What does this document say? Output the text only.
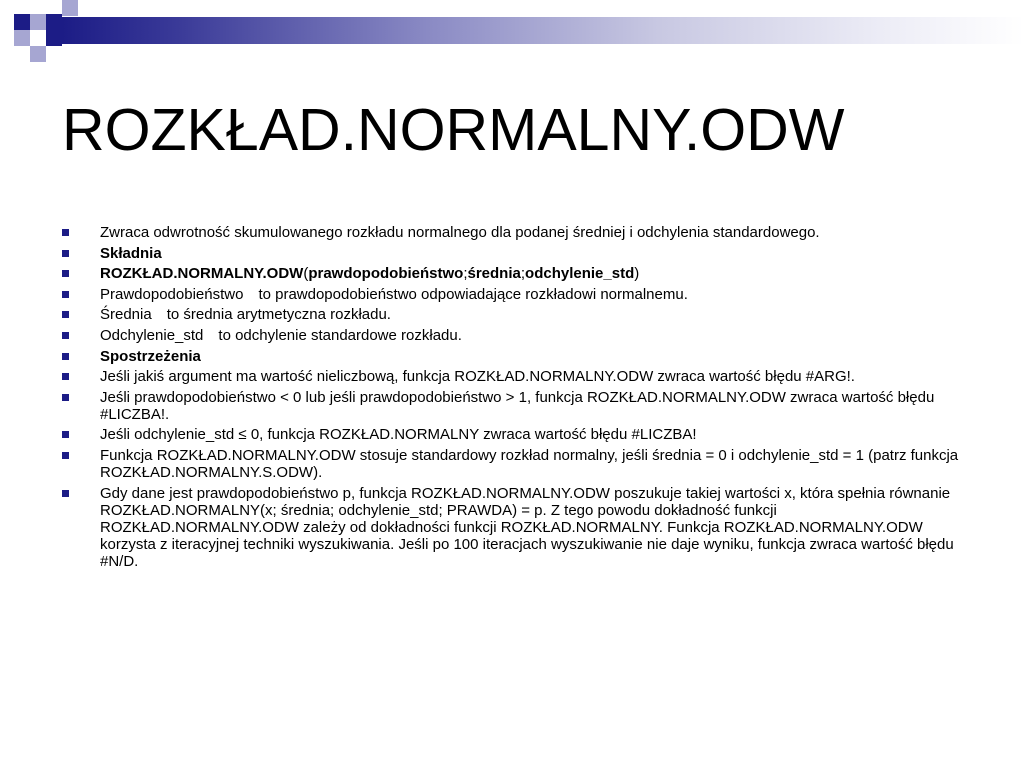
ROZKŁAD.NORMALNY.ODW
Zwraca odwrotność skumulowanego rozkładu normalnego dla podanej średniej i odchylenia standardowego.
Składnia
ROZKŁAD.NORMALNY.ODW(prawdopodobieństwo;średnia;odchylenie_std)
Prawdopodobieństwo to prawdopodobieństwo odpowiadające rozkładowi normalnemu.
Średnia to średnia arytmetyczna rozkładu.
Odchylenie_std to odchylenie standardowe rozkładu.
Spostrzeżenia
Jeśli jakiś argument ma wartość nieliczbową, funkcja ROZKŁAD.NORMALNY.ODW zwraca wartość błędu #ARG!.
Jeśli prawdopodobieństwo < 0 lub jeśli prawdopodobieństwo > 1, funkcja ROZKŁAD.NORMALNY.ODW zwraca wartość błędu #LICZBA!.
Jeśli odchylenie_std ≤ 0, funkcja ROZKŁAD.NORMALNY zwraca wartość błędu #LICZBA!
Funkcja ROZKŁAD.NORMALNY.ODW stosuje standardowy rozkład normalny, jeśli średnia = 0 i odchylenie_std = 1 (patrz funkcja ROZKŁAD.NORMALNY.S.ODW).
Gdy dane jest prawdopodobieństwo p, funkcja ROZKŁAD.NORMALNY.ODW poszukuje takiej wartości x, która spełnia równanie ROZKŁAD.NORMALNY(x; średnia; odchylenie_std; PRAWDA) = p. Z tego powodu dokładność funkcji ROZKŁAD.NORMALNY.ODW zależy od dokładności funkcji ROZKŁAD.NORMALNY. Funkcja ROZKŁAD.NORMALNY.ODW korzysta z iteracyjnej techniki wyszukiwania. Jeśli po 100 iteracjach wyszukiwanie nie daje wyniku, funkcja zwraca wartość błędu #N/D.
